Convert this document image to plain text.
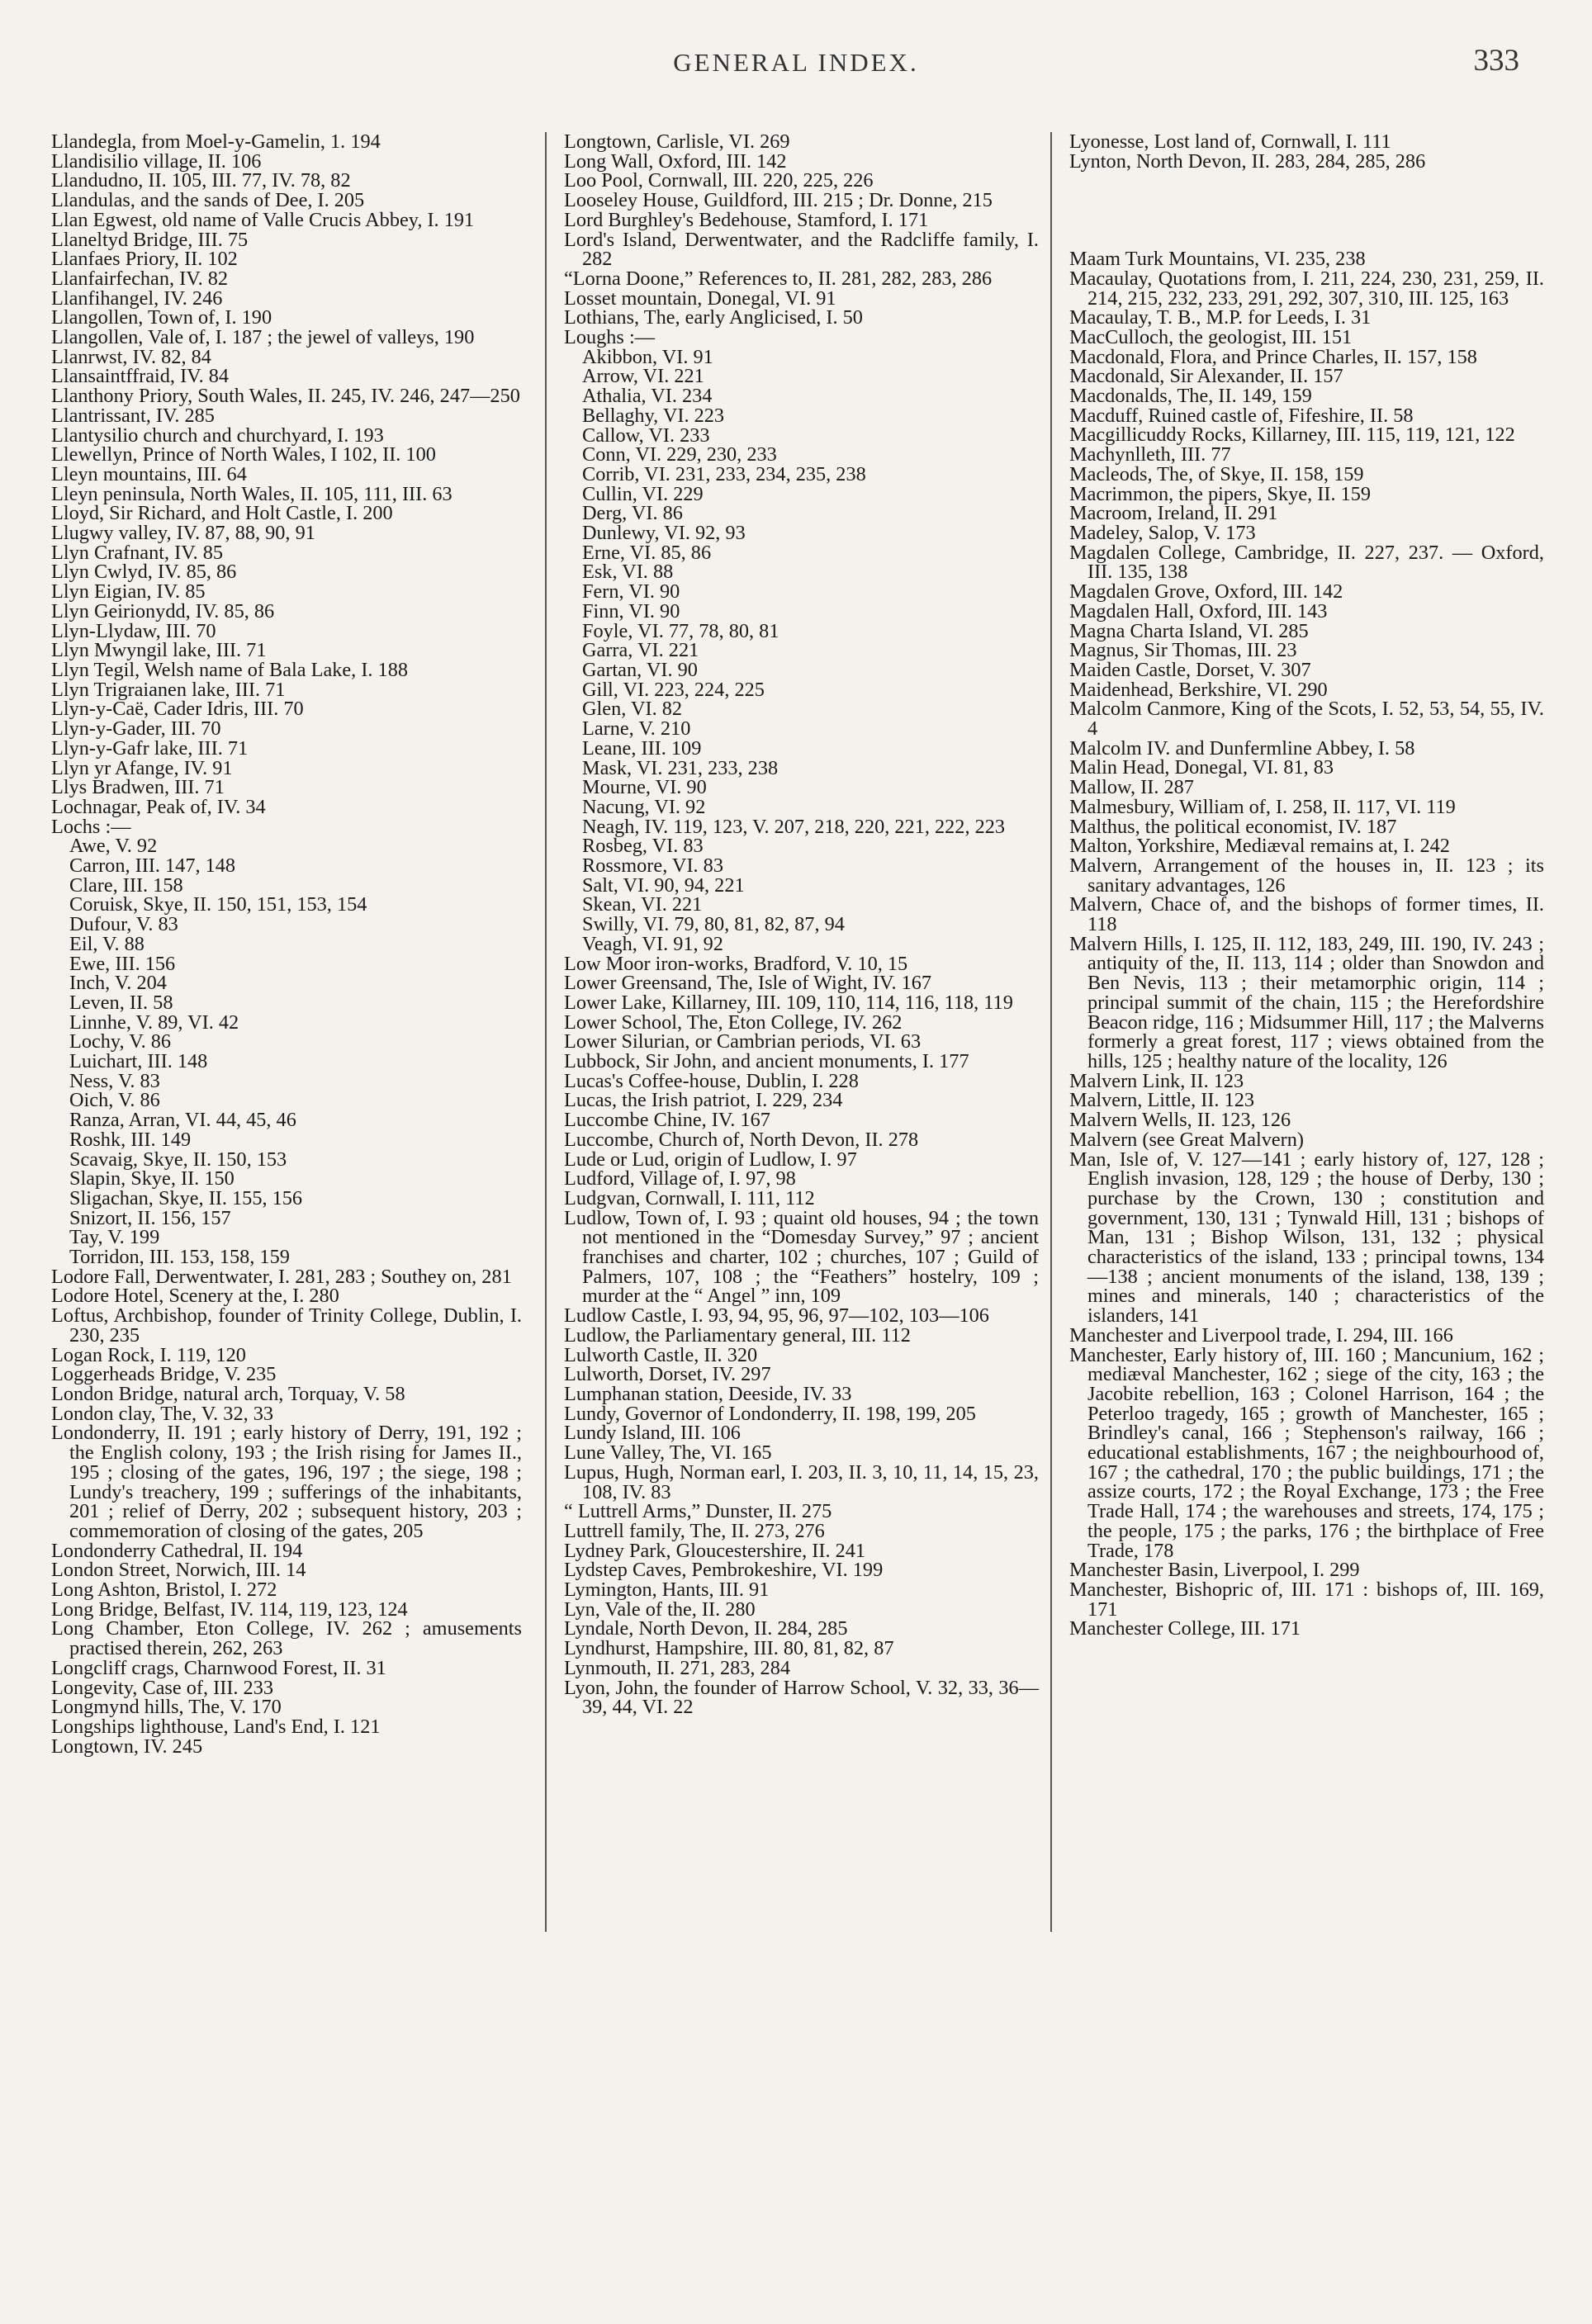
GENERAL INDEX.	333
Llandegla, from Moel-y-Gamelin, 1. 194
Llandisilio village, II. 106
Llandudno, II. 105, III. 77, IV. 78, 82
Llandulas, and the sands of Dee, I. 205
Llan Egwest, old name of Valle Crucis Abbey, I. 191
Llaneltyd Bridge, III. 75
Llanfaes Priory, II. 102
Llanfairfechan, IV. 82
Llanfihangel, IV. 246
Llangollen, Town of, I. 190
Llangollen, Vale of, I. 187 ; the jewel of valleys, 190
Llanrwst, IV. 82, 84
Llansaintffraid, IV. 84
Llanthony Priory, South Wales, II. 245, IV. 246, 247—250
Llantrissant, IV. 285
Llantysilio church and churchyard, I. 193
Llewellyn, Prince of North Wales, I 102, II. 100
Lleyn mountains, III. 64
Lleyn peninsula, North Wales, II. 105, 111, III. 63
Lloyd, Sir Richard, and Holt Castle, I. 200
Llugwy valley, IV. 87, 88, 90, 91
Llyn Crafnant, IV. 85
Llyn Cwlyd, IV. 85, 86
Llyn Eigian, IV. 85
Llyn Geirionydd, IV. 85, 86
Llyn-Llydaw, III. 70
Llyn Mwyngil lake, III. 71
Llyn Tegil, Welsh name of Bala Lake, I. 188
Llyn Trigraianen lake, III. 71
Llyn-y-Caë, Cader Idris, III. 70
Llyn-y-Gader, III. 70
Llyn-y-Gafr lake, III. 71
Llyn yr Afange, IV. 91
Llys Bradwen, III. 71
Lochnagar, Peak of, IV. 34
Lochs :—
Awe, V. 92
Carron, III. 147, 148
Clare, III. 158
Coruisk, Skye, II. 150, 151, 153, 154
Dufour, V. 83
Eil, V. 88
Ewe, III. 156
Inch, V. 204
Leven, II. 58
Linnhe, V. 89, VI. 42
Lochy, V. 86
Luichart, III. 148
Ness, V. 83
Oich, V. 86
Ranza, Arran, VI. 44, 45, 46
Roshk, III. 149
Scavaig, Skye, II. 150, 153
Slapin, Skye, II. 150
Sligachan, Skye, II. 155, 156
Snizort, II. 156, 157
Tay, V. 199
Torridon, III. 153, 158, 159
Lodore Fall, Derwentwater, I. 281, 283 ; Southey on, 281
Lodore Hotel, Scenery at the, I. 280
Loftus, Archbishop, founder of Trinity College, Dublin, I. 230, 235
Logan Rock, I. 119, 120
Loggerheads Bridge, V. 235
London Bridge, natural arch, Torquay, V. 58
London clay, The, V. 32, 33
Londonderry, II. 191 ; early history of Derry, 191, 192 ; the English colony, 193 ; the Irish rising for James II., 195 ; closing of the gates, 196, 197 ; the siege, 198 ; Lundy's treachery, 199 ; sufferings of the inhabitants, 201 ; relief of Derry, 202 ; subsequent history, 203 ; commemoration of closing of the gates, 205
Londonderry Cathedral, II. 194
London Street, Norwich, III. 14
Long Ashton, Bristol, I. 272
Long Bridge, Belfast, IV. 114, 119, 123, 124
Long Chamber, Eton College, IV. 262 ; amusements practised therein, 262, 263
Longcliff crags, Charnwood Forest, II. 31
Longevity, Case of, III. 233
Longmynd hills, The, V. 170
Longships lighthouse, Land's End, I. 121
Longtown, IV. 245
Longtown, Carlisle, VI. 269
Long Wall, Oxford, III. 142
Loo Pool, Cornwall, III. 220, 225, 226
Looseley House, Guildford, III. 215 ; Dr. Donne, 215
Lord Burghley's Bedehouse, Stamford, I. 171
Lord's Island, Derwentwater, and the Radcliffe family, I. 282
“Lorna Doone,” References to, II. 281, 282, 283, 286
Losset mountain, Donegal, VI. 91
Lothians, The, early Anglicised, I. 50
Loughs :—
Akibbon, VI. 91
Arrow, VI. 221
Athalia, VI. 234
Bellaghy, VI. 223
Callow, VI. 233
Conn, VI. 229, 230, 233
Corrib, VI. 231, 233, 234, 235, 238
Cullin, VI. 229
Derg, VI. 86
Dunlewy, VI. 92, 93
Erne, VI. 85, 86
Esk, VI. 88
Fern, VI. 90
Finn, VI. 90
Foyle, VI. 77, 78, 80, 81
Garra, VI. 221
Gartan, VI. 90
Gill, VI. 223, 224, 225
Glen, VI. 82
Larne, V. 210
Leane, III. 109
Mask, VI. 231, 233, 238
Mourne, VI. 90
Nacung, VI. 92
Neagh, IV. 119, 123, V. 207, 218, 220, 221, 222, 223
Rosbeg, VI. 83
Rossmore, VI. 83
Salt, VI. 90, 94, 221
Skean, VI. 221
Swilly, VI. 79, 80, 81, 82, 87, 94
Veagh, VI. 91, 92
Low Moor iron-works, Bradford, V. 10, 15
Lower Greensand, The, Isle of Wight, IV. 167
Lower Lake, Killarney, III. 109, 110, 114, 116, 118, 119
Lower School, The, Eton College, IV. 262
Lower Silurian, or Cambrian periods, VI. 63
Lubbock, Sir John, and ancient monuments, I. 177
Lucas's Coffee-house, Dublin, I. 228
Lucas, the Irish patriot, I. 229, 234
Luccombe Chine, IV. 167
Luccombe, Church of, North Devon, II. 278
Lude or Lud, origin of Ludlow, I. 97
Ludford, Village of, I. 97, 98
Ludgvan, Cornwall, I. 111, 112
Ludlow, Town of, I. 93 ; quaint old houses, 94 ; the town not mentioned in the “Domesday Survey,” 97 ; ancient franchises and charter, 102 ; churches, 107 ; Guild of Palmers, 107, 108 ; the “Feathers” hostelry, 109 ; murder at the “ Angel ” inn, 109
Ludlow Castle, I. 93, 94, 95, 96, 97—102, 103—106
Ludlow, the Parliamentary general, III. 112
Lulworth Castle, II. 320
Lulworth, Dorset, IV. 297
Lumphanan station, Deeside, IV. 33
Lundy, Governor of Londonderry, II. 198, 199, 205
Lundy Island, III. 106
Lune Valley, The, VI. 165
Lupus, Hugh, Norman earl, I. 203, II. 3, 10, 11, 14, 15, 23, 108, IV. 83
“ Luttrell Arms,” Dunster, II. 275
Luttrell family, The, II. 273, 276
Lydney Park, Gloucestershire, II. 241
Lydstep Caves, Pembrokeshire, VI. 199
Lymington, Hants, III. 91
Lyn, Vale of the, II. 280
Lyndale, North Devon, II. 284, 285
Lyndhurst, Hampshire, III. 80, 81, 82, 87
Lynmouth, II. 271, 283, 284
Lyon, John, the founder of Harrow School, V. 32, 33, 36—39, 44, VI. 22
Lyonesse, Lost land of, Cornwall, I. 111
Lynton, North Devon, II. 283, 284, 285, 286
Maam Turk Mountains, VI. 235, 238
Macaulay, Quotations from, I. 211, 224, 230, 231, 259, II. 214, 215, 232, 233, 291, 292, 307, 310, III. 125, 163
Macaulay, T. B., M.P. for Leeds, I. 31
MacCulloch, the geologist, III. 151
Macdonald, Flora, and Prince Charles, II. 157, 158
Macdonald, Sir Alexander, II. 157
Macdonalds, The, II. 149, 159
Macduff, Ruined castle of, Fifeshire, II. 58
Macgillicuddy Rocks, Killarney, III. 115, 119, 121, 122
Machynlleth, III. 77
Macleods, The, of Skye, II. 158, 159
Macrimmon, the pipers, Skye, II. 159
Macroom, Ireland, II. 291
Madeley, Salop, V. 173
Magdalen College, Cambridge, II. 227, 237. — Oxford, III. 135, 138
Magdalen Grove, Oxford, III. 142
Magdalen Hall, Oxford, III. 143
Magna Charta Island, VI. 285
Magnus, Sir Thomas, III. 23
Maiden Castle, Dorset, V. 307
Maidenhead, Berkshire, VI. 290
Malcolm Canmore, King of the Scots, I. 52, 53, 54, 55, IV. 4
Malcolm IV. and Dunfermline Abbey, I. 58
Malin Head, Donegal, VI. 81, 83
Mallow, II. 287
Malmesbury, William of, I. 258, II. 117, VI. 119
Malthus, the political economist, IV. 187
Malton, Yorkshire, Mediæval remains at, I. 242
Malvern, Arrangement of the houses in, II. 123 ; its sanitary advantages, 126
Malvern, Chace of, and the bishops of former times, II. 118
Malvern Hills, I. 125, II. 112, 183, 249, III. 190, IV. 243 ; antiquity of the, II. 113, 114 ; older than Snowdon and Ben Nevis, 113 ; their metamorphic origin, 114 ; principal summit of the chain, 115 ; the Herefordshire Beacon ridge, 116 ; Midsummer Hill, 117 ; the Malverns formerly a great forest, 117 ; views obtained from the hills, 125 ; healthy nature of the locality, 126
Malvern Link, II. 123
Malvern, Little, II. 123
Malvern Wells, II. 123, 126
Malvern (see Great Malvern)
Man, Isle of, V. 127—141 ; early history of, 127, 128 ; English invasion, 128, 129 ; the house of Derby, 130 ; purchase by the Crown, 130 ; constitution and government, 130, 131 ; Tynwald Hill, 131 ; bishops of Man, 131 ; Bishop Wilson, 131, 132 ; physical characteristics of the island, 133 ; principal towns, 134—138 ; ancient monuments of the island, 138, 139 ; mines and minerals, 140 ; characteristics of the islanders, 141
Manchester and Liverpool trade, I. 294, III. 166
Manchester, Early history of, III. 160 ; Mancunium, 162 ; mediæval Manchester, 162 ; siege of the city, 163 ; the Jacobite rebellion, 163 ; Colonel Harrison, 164 ; the Peterloo tragedy, 165 ; growth of Manchester, 165 ; Brindley's canal, 166 ; Stephenson's railway, 166 ; educational establishments, 167 ; the neighbourhood of, 167 ; the cathedral, 170 ; the public buildings, 171 ; the assize courts, 172 ; the Royal Exchange, 173 ; the Free Trade Hall, 174 ; the warehouses and streets, 174, 175 ; the people, 175 ; the parks, 176 ; the birthplace of Free Trade, 178
Manchester Basin, Liverpool, I. 299
Manchester, Bishopric of, III. 171 : bishops of, III. 169, 171
Manchester College, III. 171
